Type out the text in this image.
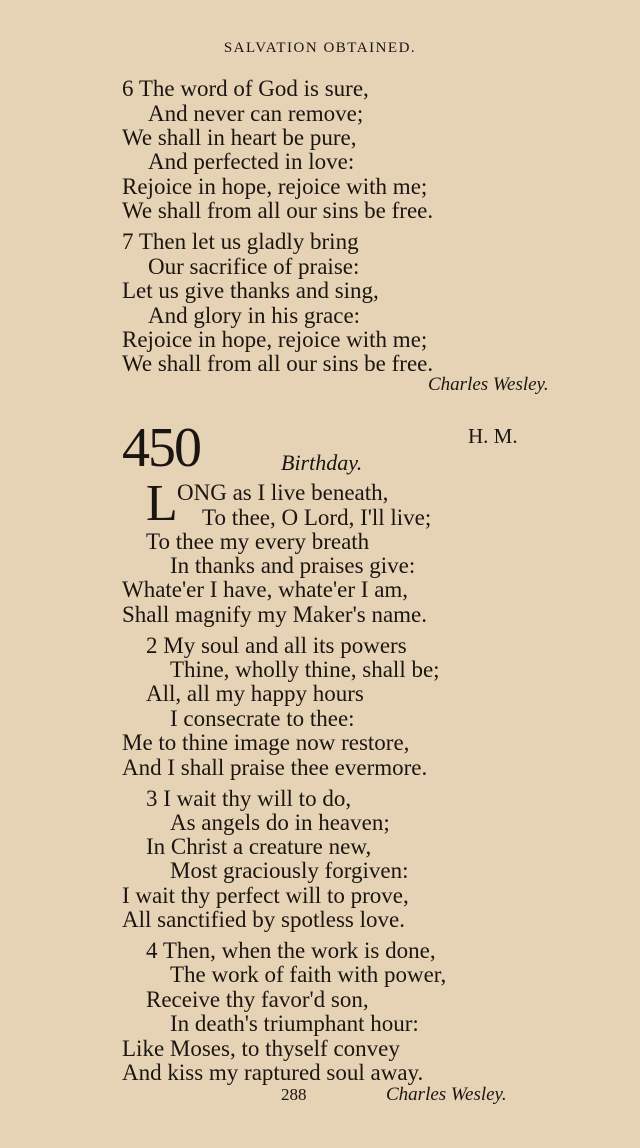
SALVATION OBTAINED.
6 The word of God is sure,
And never can remove;
We shall in heart be pure,
And perfected in love:
Rejoice in hope, rejoice with me;
We shall from all our sins be free.
7 Then let us gladly bring
Our sacrifice of praise:
Let us give thanks and sing,
And glory in his grace:
Rejoice in hope, rejoice with me;
We shall from all our sins be free.
Charles Wesley.
450	H. M.
Birthday.
L ONG as I live beneath,
To thee, O Lord, I'll live;
To thee my every breath
In thanks and praises give:
Whate'er I have, whate'er I am,
Shall magnify my Maker's name.
2 My soul and all its powers
Thine, wholly thine, shall be;
All, all my happy hours
I consecrate to thee:
Me to thine image now restore,
And I shall praise thee evermore.
3 I wait thy will to do,
As angels do in heaven;
In Christ a creature new,
Most graciously forgiven:
I wait thy perfect will to prove,
All sanctified by spotless love.
4 Then, when the work is done,
The work of faith with power,
Receive thy favor'd son,
In death's triumphant hour:
Like Moses, to thyself convey
And kiss my raptured soul away.
288	Charles Wesley.
